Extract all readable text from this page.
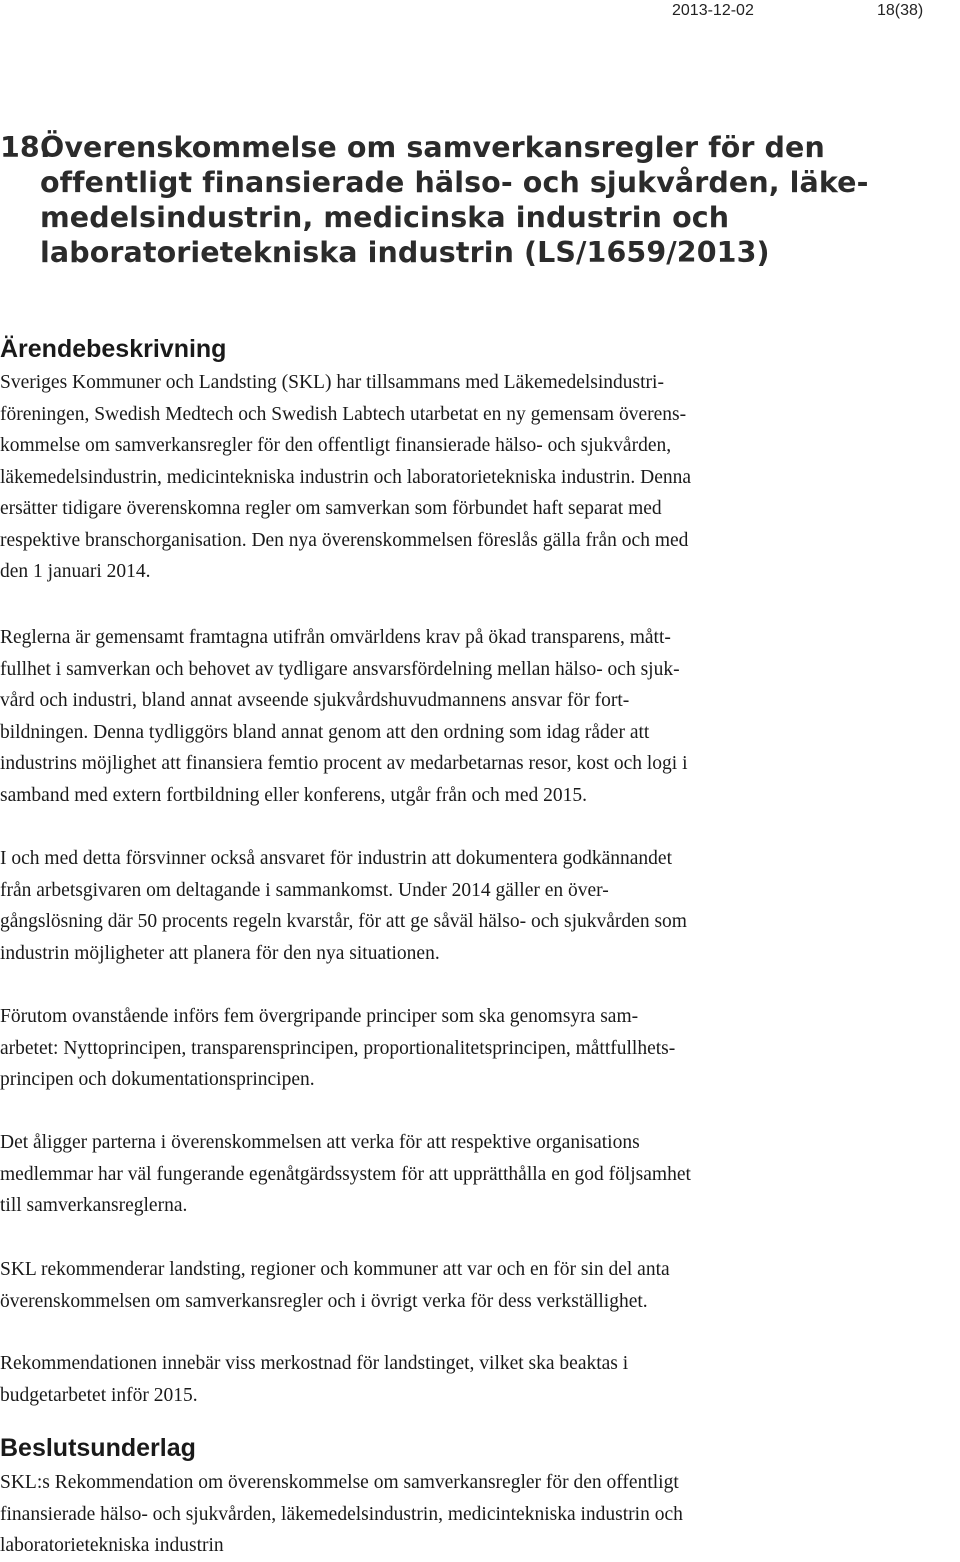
2013-12-02	18(38)
18.Överenskommelse om samverkansregler för den
offentligt finansierade hälso- och sjukvården, läke-
medelsindustrin, medicinska industrin och
laboratorietekniska industrin (LS/1659/2013)
Ärendebeskrivning
Sveriges Kommuner och Landsting (SKL) har tillsammans med Läkemedelsindustri-
föreningen, Swedish Medtech och Swedish Labtech utarbetat en ny gemensam överens-
kommelse om samverkansregler för den offentligt finansierade hälso- och sjukvården,
läkemedelsindustrin, medicintekniska industrin och laboratorietekniska industrin. Denna
ersätter tidigare överenskomna regler om samverkan som förbundet haft separat med
respektive branschorganisation. Den nya överenskommelsen föreslås gälla från och med
den 1 januari 2014.
Reglerna är gemensamt framtagna utifrån omvärldens krav på ökad transparens, mått-
fullhet i samverkan och behovet av tydligare ansvarsfördelning mellan hälso- och sjuk-
vård och industri, bland annat avseende sjukvårdshuvudmannens ansvar för fort-
bildningen. Denna tydliggörs bland annat genom att den ordning som idag råder att
industrins möjlighet att finansiera femtio procent av medarbetarnas resor, kost och logi i
samband med extern fortbildning eller konferens, utgår från och med 2015.
I och med detta försvinner också ansvaret för industrin att dokumentera godkännandet
från arbetsgivaren om deltagande i sammankomst. Under 2014 gäller en över-
gångslösning där 50 procents regeln kvarstår, för att ge såväl hälso- och sjukvården som
industrin möjligheter att planera för den nya situationen.
Förutom ovanstående införs fem övergripande principer som ska genomsyra sam-
arbetet: Nyttoprincipen, transparensprincipen, proportionalitetsprincipen, måttfullhets-
principen och dokumentationsprincipen.
Det åligger parterna i överenskommelsen att verka för att respektive organisations
medlemmar har väl fungerande egenåtgärdssystem för att upprätthålla en god följsamhet
till samverkansreglerna.
SKL rekommenderar landsting, regioner och kommuner att var och en för sin del anta
överenskommelsen om samverkansregler och i övrigt verka för dess verkställighet.
Rekommendationen innebär viss merkostnad för landstinget, vilket ska beaktas i
budgetarbetet inför 2015.
Beslutsunderlag
SKL:s Rekommendation om överenskommelse om samverkansregler för den offentligt
finansierade hälso- och sjukvården, läkemedelsindustrin, medicintekniska industrin och
laboratorietekniska industrin
